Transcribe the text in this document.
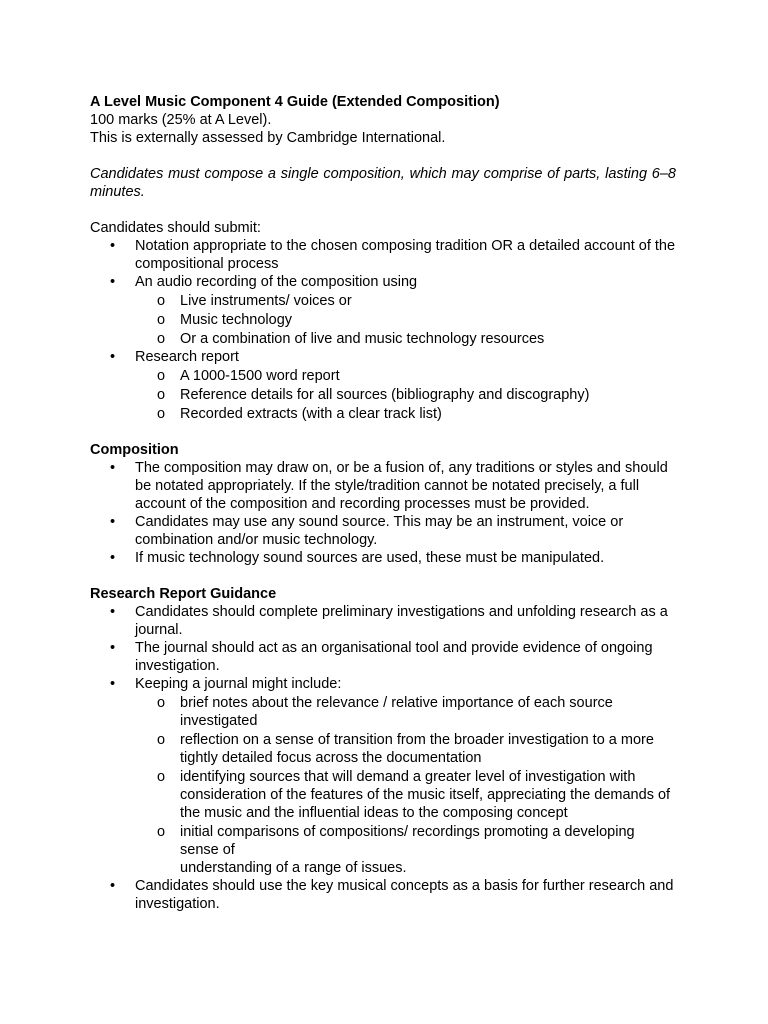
A Level Music Component 4 Guide (Extended Composition)

100 marks (25% at A Level).

This is externally assessed by Cambridge International.

Candidates must compose a single composition, which may comprise of parts, lasting 6–8 minutes.

Candidates should submit:

• Notation appropriate to the chosen composing tradition OR a detailed account of the compositional process
• An audio recording of the composition using
o Live instruments/ voices or
o Music technology
o Or a combination of live and music technology resources
• Research report
o A 1000-1500 word report
o Reference details for all sources (bibliography and discography)
o Recorded extracts (with a clear track list)

Composition

• The composition may draw on, or be a fusion of, any traditions or styles and should be notated appropriately. If the style/tradition cannot be notated precisely, a full account of the composition and recording processes must be provided.
• Candidates may use any sound source. This may be an instrument, voice or combination and/or music technology.
• If music technology sound sources are used, these must be manipulated.

Research Report Guidance

• Candidates should complete preliminary investigations and unfolding research as a journal.
• The journal should act as an organisational tool and provide evidence of ongoing investigation.
• Keeping a journal might include:
o brief notes about the relevance / relative importance of each source investigated
o reflection on a sense of transition from the broader investigation to a more tightly detailed focus across the documentation
o identifying sources that will demand a greater level of investigation with consideration of the features of the music itself, appreciating the demands of the music and the influential ideas to the composing concept
o initial comparisons of compositions/ recordings promoting a developing sense of
understanding of a range of issues.
• Candidates should use the key musical concepts as a basis for further research and investigation.
